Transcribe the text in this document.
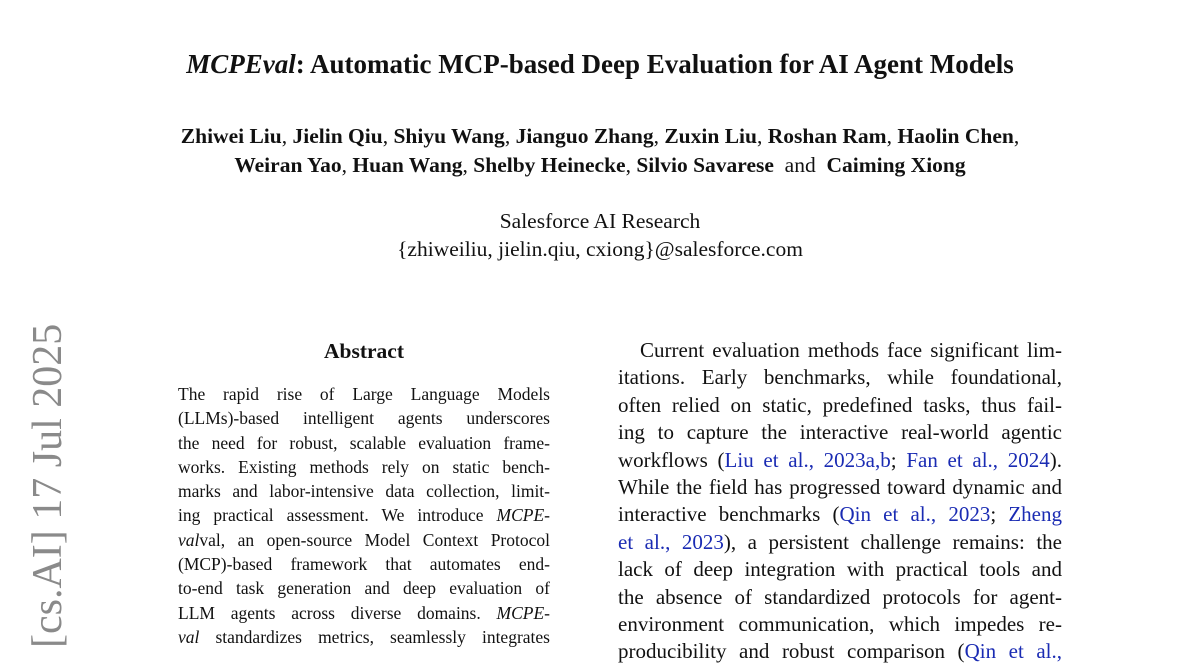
MCPEval: Automatic MCP-based Deep Evaluation for AI Agent Models
Zhiwei Liu, Jielin Qiu, Shiyu Wang, Jianguo Zhang, Zuxin Liu, Roshan Ram, Haolin Chen,
Weiran Yao, Huan Wang, Shelby Heinecke, Silvio Savarese and Caiming Xiong
Salesforce AI Research
{zhiweiliu, jielin.qiu, cxiong}@salesforce.com
[cs.AI] 17 Jul 2025	Abstract
The rapid rise of Large Language Models
(LLMs)-based intelligent agents underscores
the need for robust, scalable evaluation frame-
works. Existing methods rely on static bench-
marks and labor-intensive data collection, limit-
ing practical assessment. We introduce MCPE-
valval, an open-source Model Context Protocol
(MCP)-based framework that automates end-
to-end task generation and deep evaluation of
LLM agents across diverse domains. MCPE-
val standardizes metrics, seamlessly integrates
Current evaluation methods face significant lim-
itations. Early benchmarks, while foundational,
often relied on static, predefined tasks, thus fail-
ing to capture the interactive real-world agentic
workflows (Liu et al., 2023a,b; Fan et al., 2024).
While the field has progressed toward dynamic and
interactive benchmarks (Qin et al., 2023; Zheng
et al., 2023), a persistent challenge remains: the
lack of deep integration with practical tools and
the absence of standardized protocols for agent-
environment communication, which impedes re-
producibility and robust comparison (Qin et al.,
